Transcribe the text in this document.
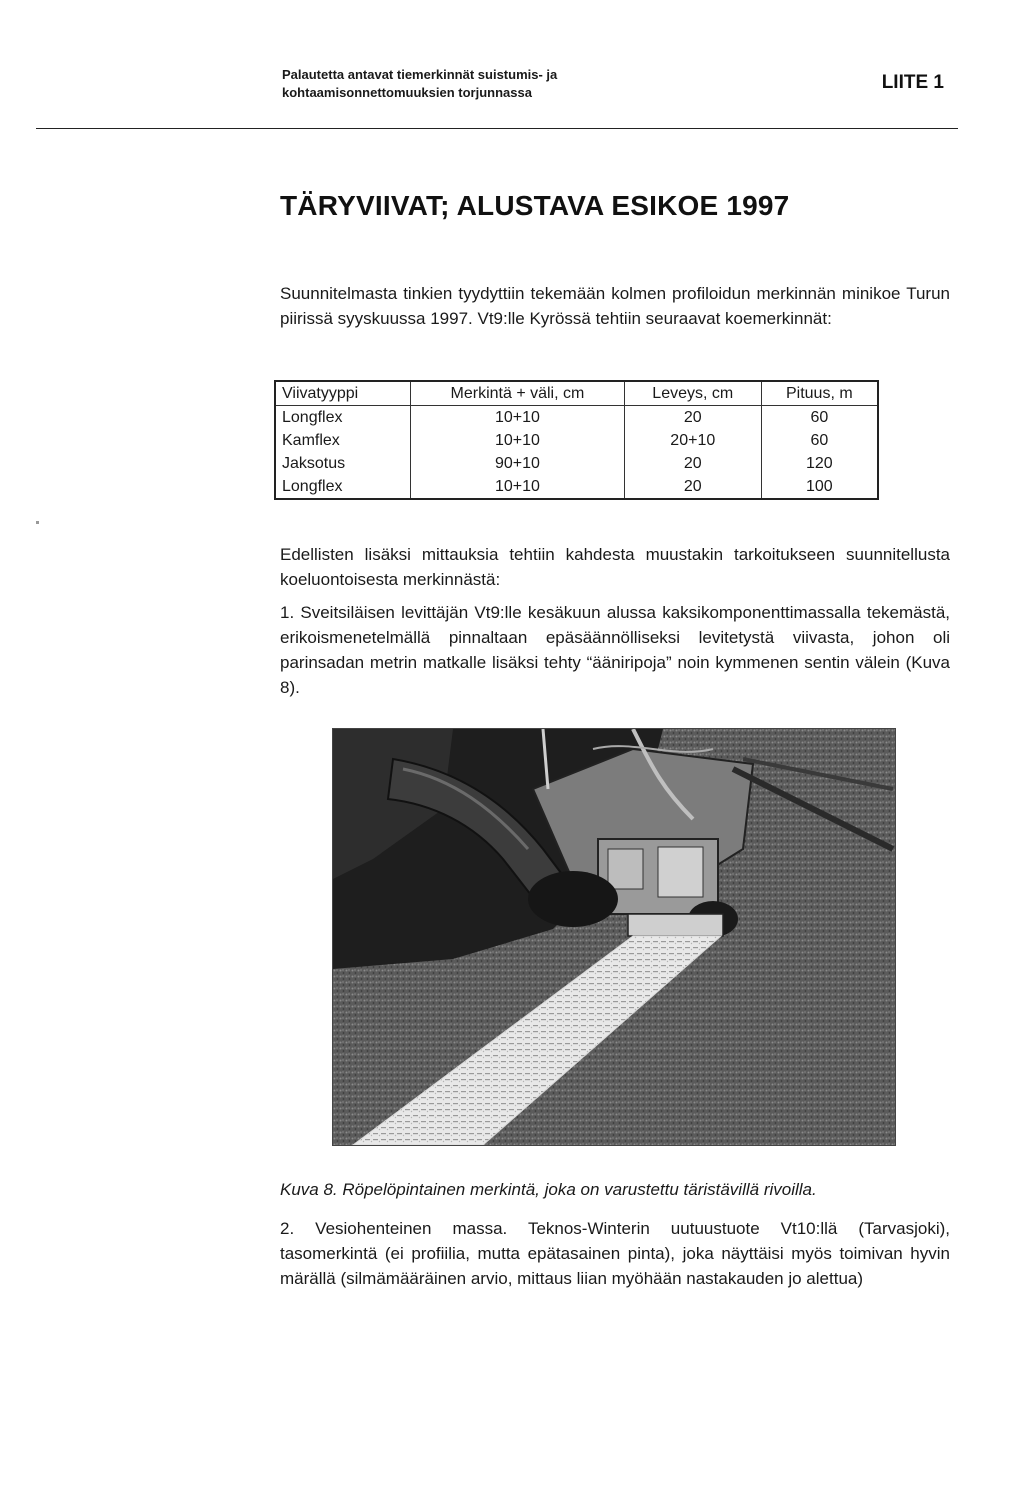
Palautetta antavat tiemerkinnät suistumis- ja
kohtaamisonnettomuuksien torjunnassa	LIITE 1
TÄRYVIIVAT; ALUSTAVA ESIKOE 1997

Suunnitelmasta tinkien tyydyttiin tekemään kolmen profiloidun merkinnän minikoe Turun piirissä syyskuussa 1997. Vt9:lle Kyrössä tehtiin seuraavat koemerkinnät:

Viivatyyppi	Merkintä + väli, cm	Leveys, cm	Pituus, m
Longflex	10+10	20	60
Kamflex	10+10	20+10	60
Jaksotus	90+10	20	120
Longflex	10+10	20	100

Edellisten lisäksi mittauksia tehtiin kahdesta muustakin tarkoitukseen suunnitellusta koeluontoisesta merkinnästä:

1. Sveitsiläisen levittäjän Vt9:lle kesäkuun alussa kaksikomponenttimassalla tekemästä, erikoismenetelmällä pinnaltaan epäsäännölliseksi levitetystä viivasta, johon oli parinsadan metrin matkalle lisäksi tehty “ääniripoja” noin kymmenen sentin välein (Kuva 8).

Kuva 8. Röpelöpintainen merkintä, joka on varustettu täristävillä rivoilla.

2. Vesiohenteinen massa. Teknos-Winterin uutuustuote Vt10:llä (Tarvasjoki), tasomerkintä (ei profiilia, mutta epätasainen pinta), joka näyttäisi myös toimivan hyvin märällä (silmämääräinen arvio, mittaus liian myöhään nastakauden jo alettua)
